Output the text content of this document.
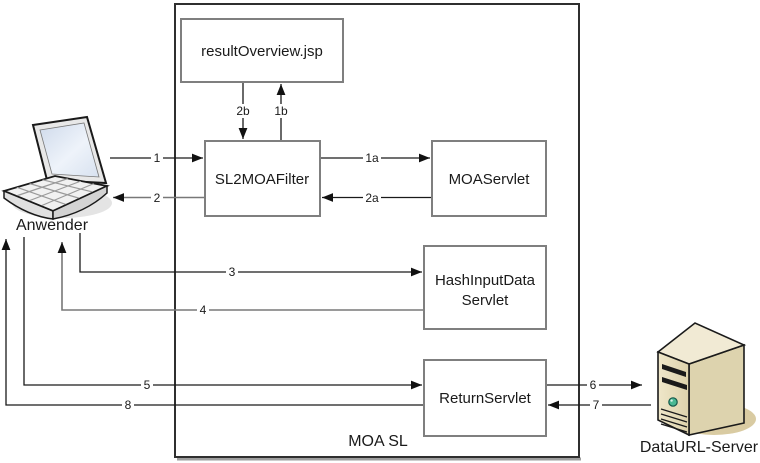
MOA SL
resultOverview.jsp
SL2MOAFilter	MOAServlet
HashInputData
Servlet
ReturnServlet
1
2
1a
2a
2b 1b
3
4
5	6
7
8
Anwender
DataURL-Server
